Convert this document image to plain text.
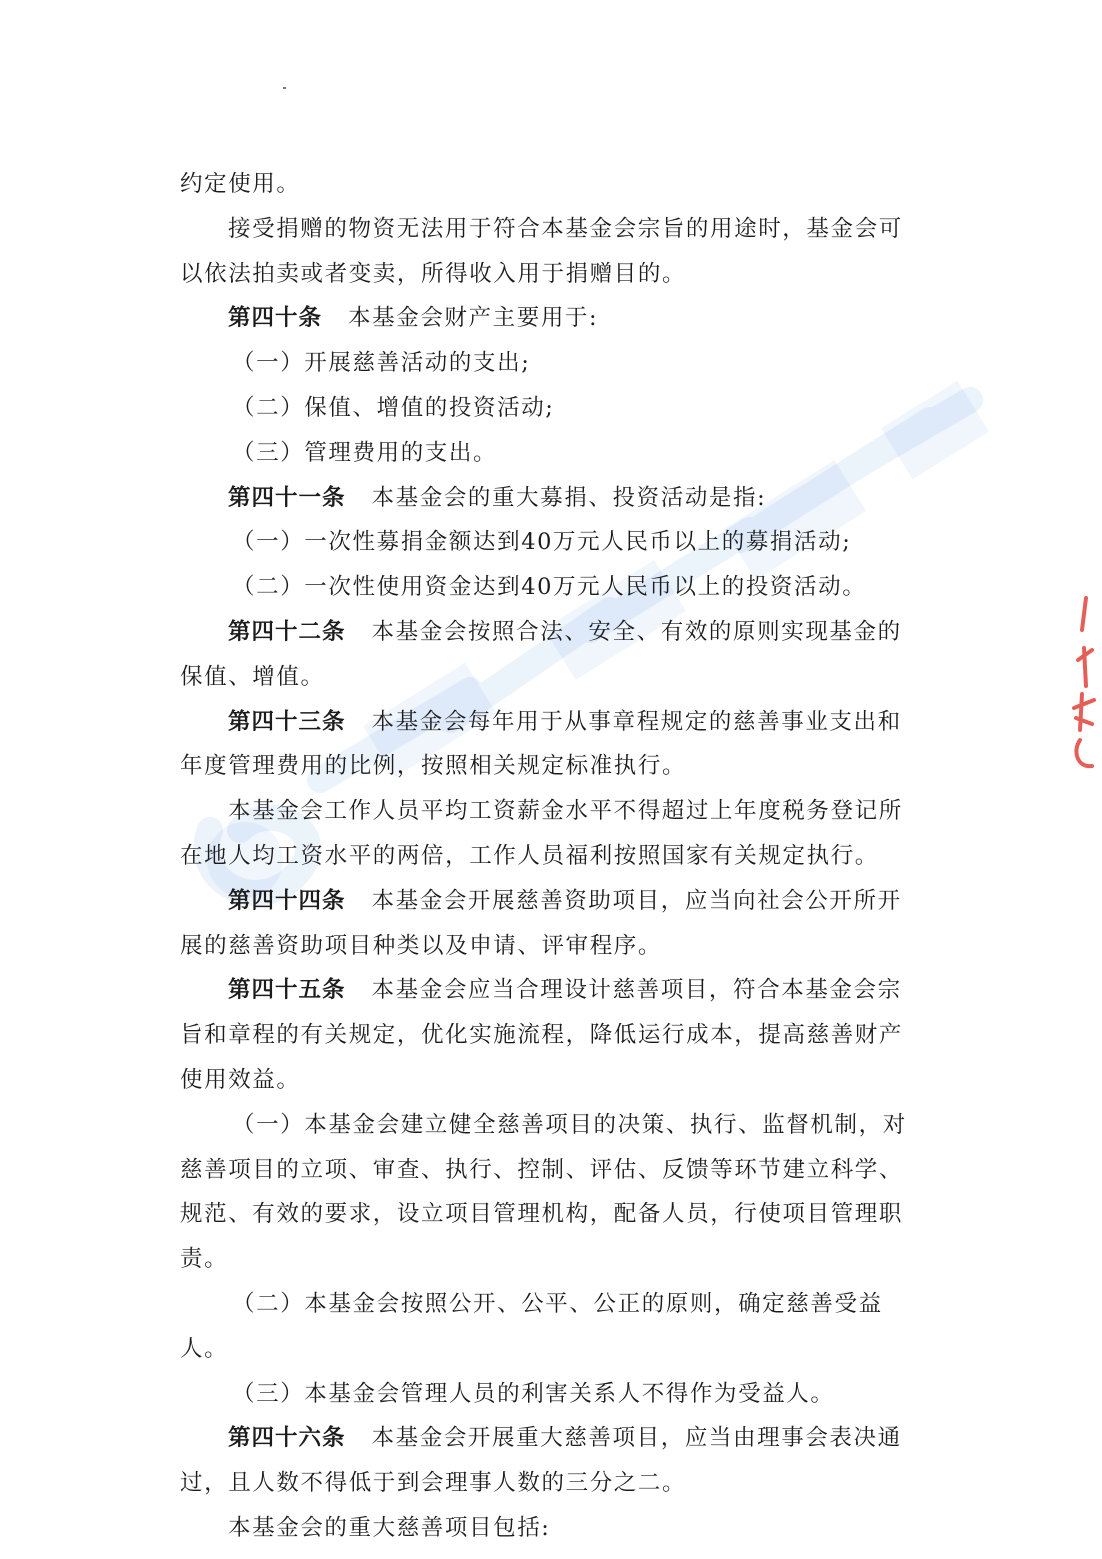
约定使用。
接受捐赠的物资无法用于符合本基金会宗旨的用途时，基金会可
以依法拍卖或者变卖，所得收入用于捐赠目的。
第四十条 本基金会财产主要用于:
（一）开展慈善活动的支出;
（二）保值、增值的投资活动;
（三）管理费用的支出。
第四十一条 本基金会的重大募捐、投资活动是指:
（一）一次性募捐金额达到40万元人民币以上的募捐活动;
（二）一次性使用资金达到40万元人民币以上的投资活动。
第四十二条 本基金会按照合法、安全、有效的原则实现基金的
保值、增值。
第四十三条 本基金会每年用于从事章程规定的慈善事业支出和
年度管理费用的比例，按照相关规定标准执行。
本基金会工作人员平均工资薪金水平不得超过上年度税务登记所
在地人均工资水平的两倍，工作人员福利按照国家有关规定执行。
第四十四条 本基金会开展慈善资助项目，应当向社会公开所开
展的慈善资助项目种类以及申请、评审程序。
第四十五条 本基金会应当合理设计慈善项目，符合本基金会宗
旨和章程的有关规定，优化实施流程，降低运行成本，提高慈善财产
使用效益。
（一）本基金会建立健全慈善项目的决策、执行、监督机制，对
慈善项目的立项、审查、执行、控制、评估、反馈等环节建立科学、
规范、有效的要求，设立项目管理机构，配备人员，行使项目管理职
责。
（二）本基金会按照公开、公平、公正的原则，确定慈善受益
人。
（三）本基金会管理人员的利害关系人不得作为受益人。
第四十六条 本基金会开展重大慈善项目，应当由理事会表决通
过，且人数不得低于到会理事人数的三分之二。
本基金会的重大慈善项目包括:
